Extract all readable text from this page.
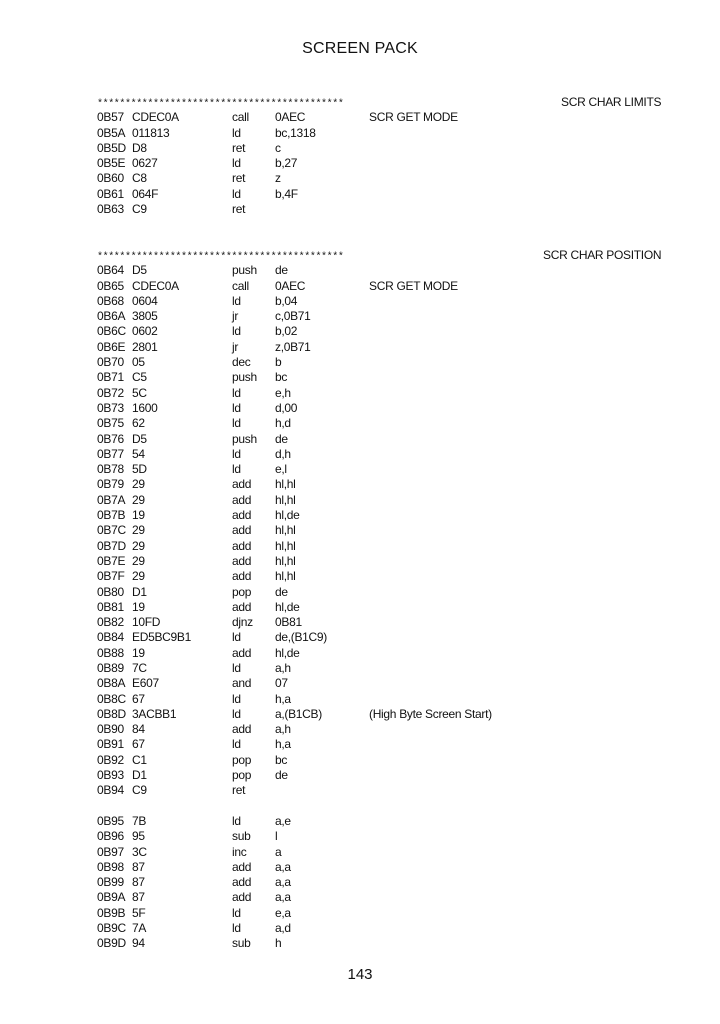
SCREEN PACK
********************************************	SCR CHAR LIMITS
0B57 CDEC0A	call 0AEC	SCR GET MODE
0B5A 011813	ld	bc,1318
0B5D D8	ret c
0B5E 0627	ld	b,27
0B60 C8	ret z
0B61 064F	ld	b,4F
0B63 C9	ret
********************************************	SCR CHAR POSITION
0B64 D5	push de
0B65 CDEC0A	call 0AEC	SCR GET MODE
0B68 0604	ld	b,04
0B6A 3805	jr	c,0B71
0B6C 0602	ld	b,02
0B6E 2801	jr	z,0B71
0B70 05	dec b
0B71 C5	push bc
0B72 5C	ld	e,h
0B73 1600	ld	d,00
0B75 62	ld	h,d
0B76 D5	push de
0B77 54	ld	d,h
0B78 5D	ld	e,l
0B79 29	add hl,hl
0B7A 29	add hl,hl
0B7B 19	add hl,de
0B7C 29	add hl,hl
0B7D 29	add hl,hl
0B7E 29	add hl,hl
0B7F 29	add hl,hl
0B80 D1	pop de
0B81 19	add hl,de
0B82 10FD	djnz 0B81
0B84 ED5BC9B1	ld	de,(B1C9)
0B88 19	add hl,de
0B89 7C	ld	a,h
0B8A E607	and 07
0B8C 67	ld	h,a
0B8D 3ACBB1	ld	a,(B1CB)	(High Byte Screen Start)
0B90 84	add a,h
0B91 67	ld	h,a
0B92 C1	pop bc
0B93 D1	pop de
0B94 C9	ret
0B95 7B	ld	a,e
0B96 95	sub l
0B97 3C	inc a
0B98 87	add a,a
0B99 87	add a,a
0B9A 87	add a,a
0B9B 5F	ld	e,a
0B9C 7A	ld	a,d
0B9D 94	sub h
143
